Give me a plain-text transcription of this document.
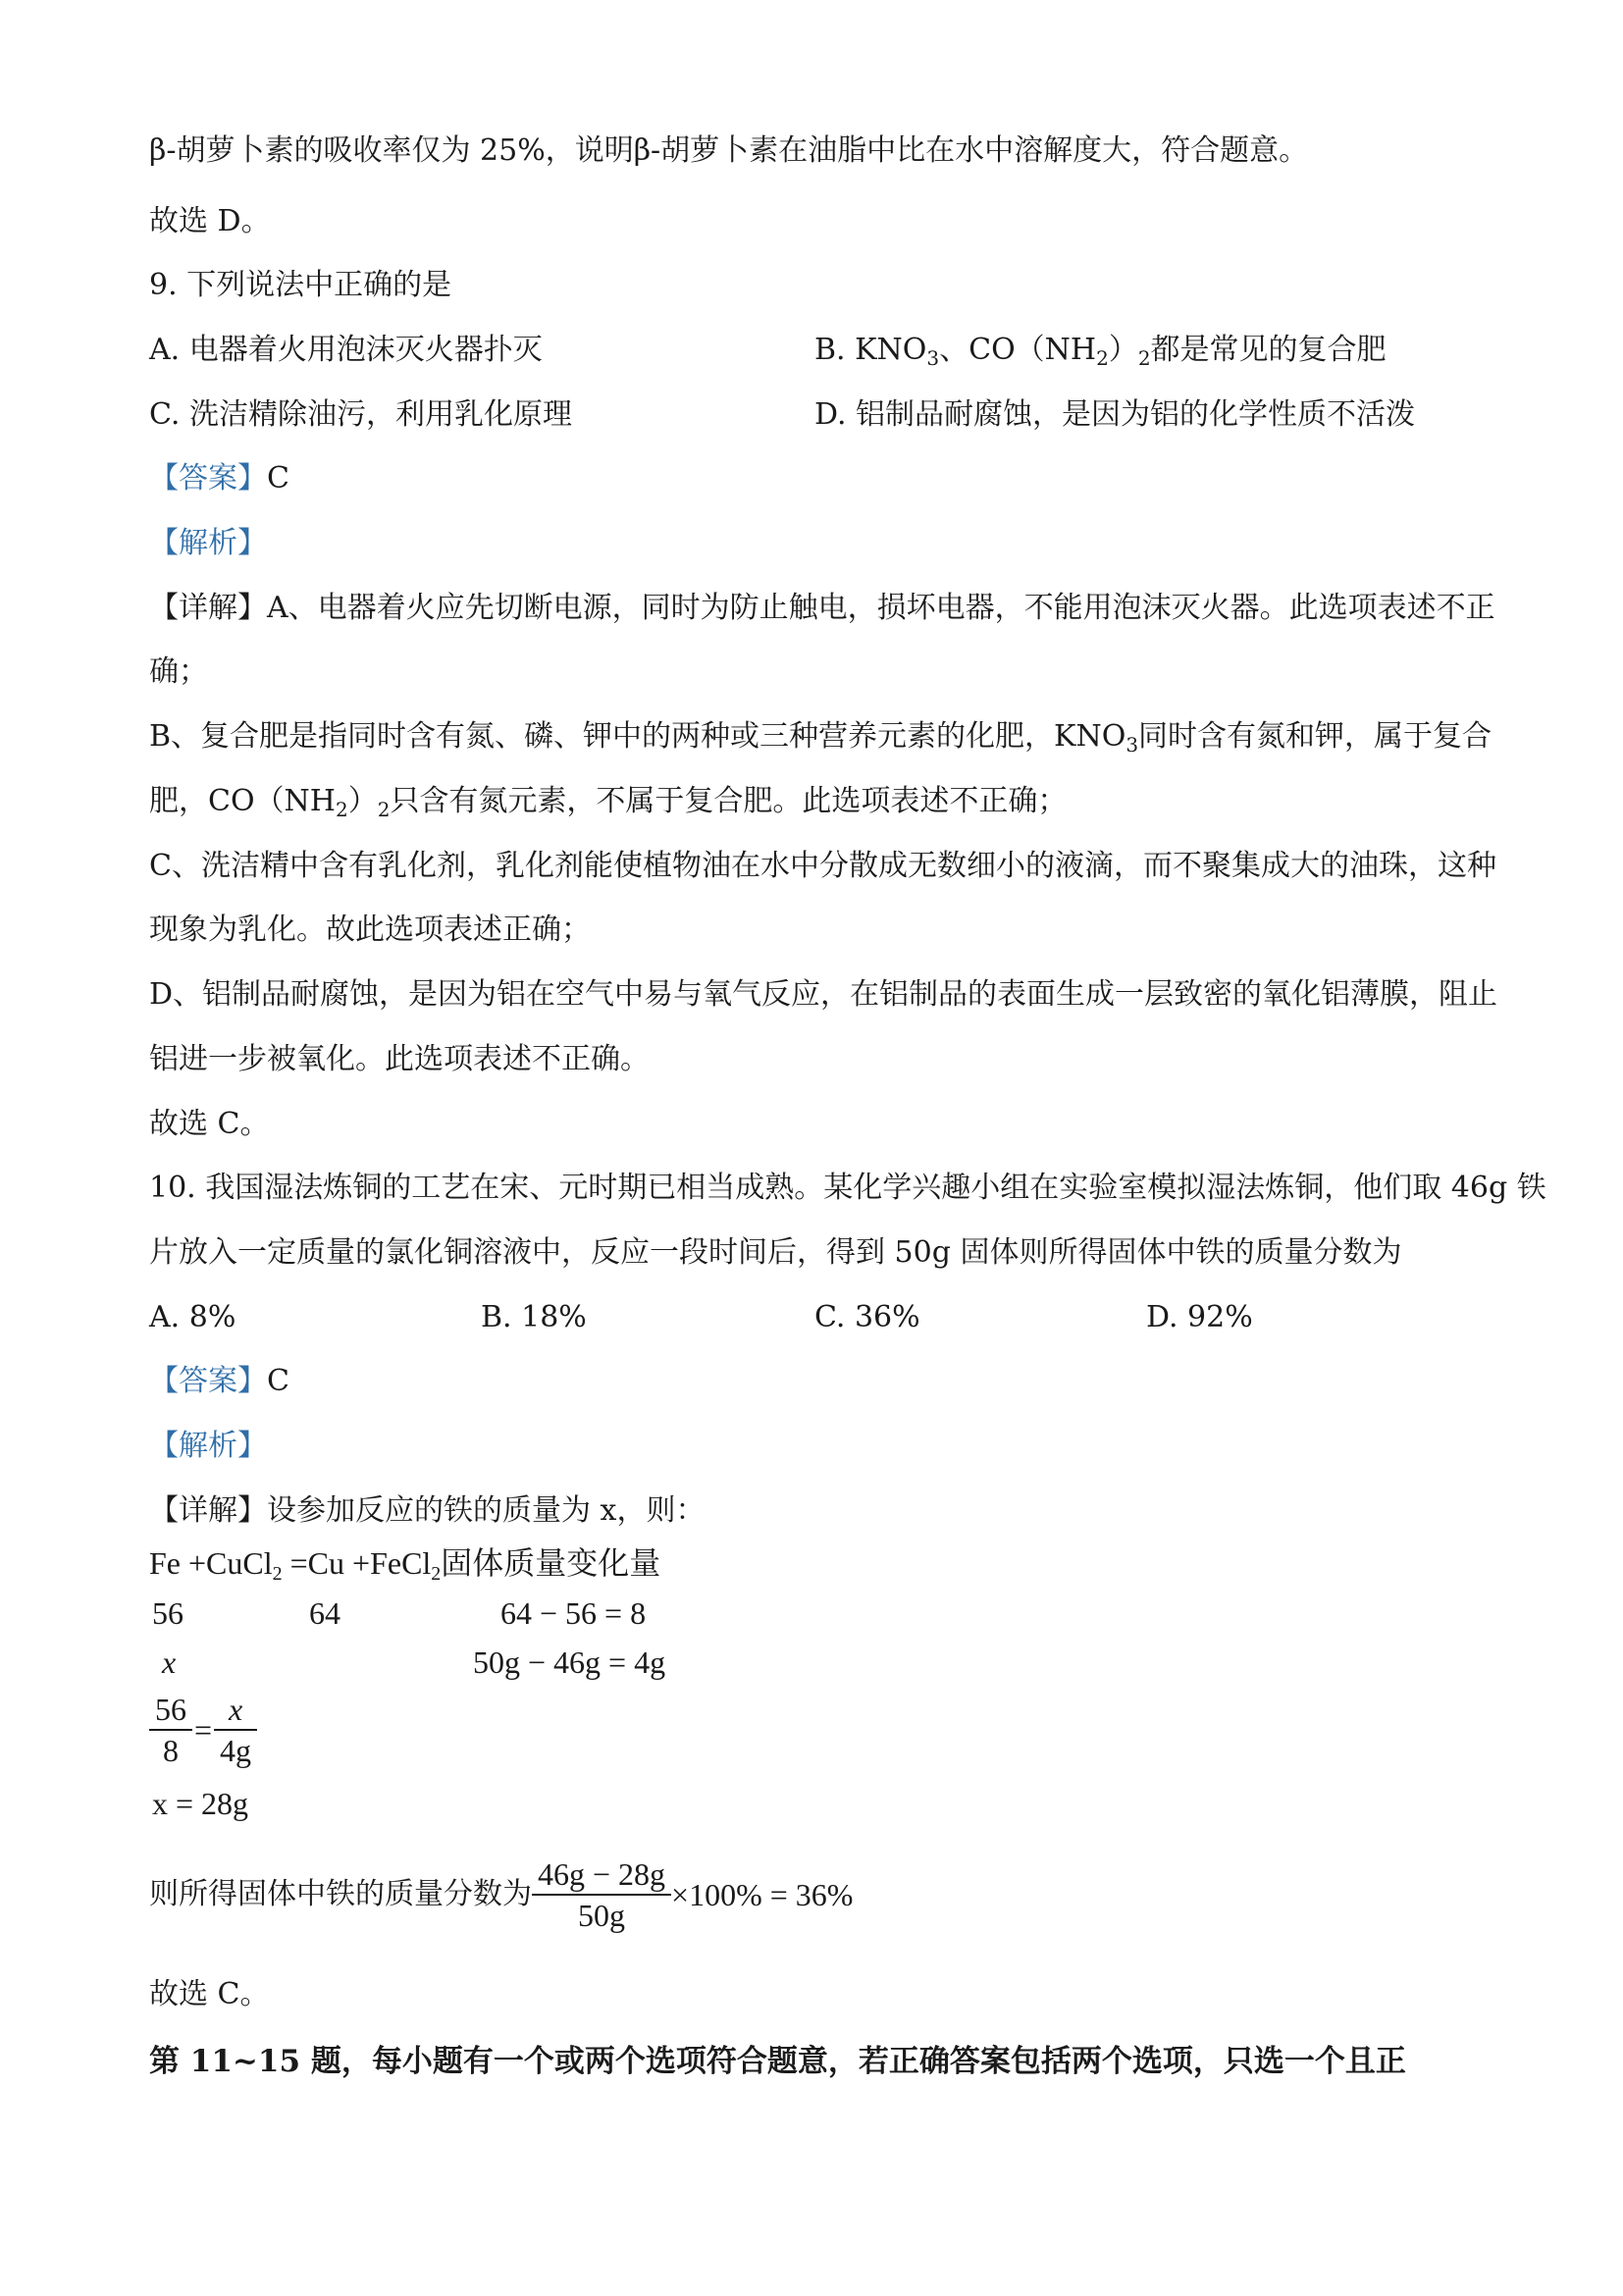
β-胡萝卜素的吸收率仅为 25%，说明β-胡萝卜素在油脂中比在水中溶解度大，符合题意。
故选 D。
9. 下列说法中正确的是
A. 电器着火用泡沫灭火器扑灭	B. $KNO_3$、$CO(NH_2)_2$都是常见的复合肥
C. 洗洁精除油污，利用乳化原理	D. 铝制品耐腐蚀，是因为铝的化学性质不活泼
【答案】C
【解析】
【详解】A、电器着火应先切断电源，同时为防止触电，损坏电器，不能用泡沫灭火器。此选项表述不正
确；
B、复合肥是指同时含有氮、磷、钾中的两种或三种营养元素的化肥，$KNO_3$同时含有氮和钾，属于复合
肥，$CO(NH_2)_2$只含有氮元素，不属于复合肥。此选项表述不正确；
C、洗洁精中含有乳化剂，乳化剂能使植物油在水中分散成无数细小的液滴，而不聚集成大的油珠，这种
现象为乳化。故此选项表述正确；
D、铝制品耐腐蚀，是因为铝在空气中易与氧气反应，在铝制品的表面生成一层致密的氧化铝薄膜，阻止
铝进一步被氧化。此选项表述不正确。
故选 C。
10. 我国湿法炼铜的工艺在宋、元时期已相当成熟。某化学兴趣小组在实验室模拟湿法炼铜，他们取 46g 铁
片放入一定质量的氯化铜溶液中，反应一段时间后，得到 50g 固体则所得固体中铁的质量分数为
A. 8%	B. 18%	C. 36%	D. 92%
【答案】C
【解析】
【详解】设参加反应的铁的质量为 x，则：
Fe +CuCl$_2$ =Cu +FeCl$_2$固体质量变化量
56	64	64 − 56 = 8
x	50g − 46g = 4g
$\frac{56}{8} = \frac{x}{4g}$
x = 28g
则所得固体中铁的质量分数为 $\frac{46g - 28g}{50g} \times 100\% = 36\%$
故选 C。
第 11~15 题，每小题有一个或两个选项符合题意，若正确答案包括两个选项，只选一个且正
